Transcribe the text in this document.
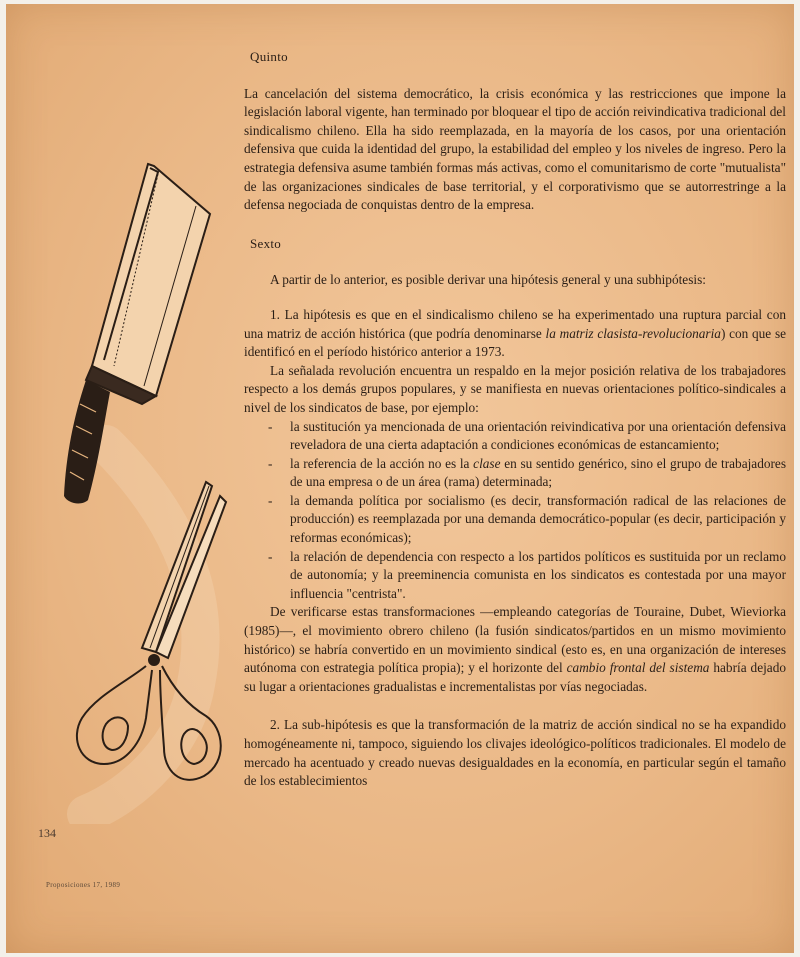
134
Proposiciones 17, 1989
Quinto

La cancelación del sistema democrático, la crisis económica y las restricciones que impone la legislación laboral vigente, han terminado por bloquear el tipo de acción reivindicativa tradicional del sindicalismo chileno. Ella ha sido reemplazada, en la mayoría de los casos, por una orientación defensiva que cuida la identidad del grupo, la estabilidad del empleo y los niveles de ingreso. Pero la estrategia defensiva asume también formas más activas, como el comunitarismo de corte "mutualista" de las organizaciones sindicales de base territorial, y el corporativismo que se autorrestringe a la defensa negociada de conquistas dentro de la empresa.

Sexto

A partir de lo anterior, es posible derivar una hipótesis general y una subhipótesis:

1. La hipótesis es que en el sindicalismo chileno se ha experimentado una ruptura parcial con una matriz de acción histórica (que podría denominarse la matriz clasista-revolucionaria) con que se identificó en el período histórico anterior a 1973.

La señalada revolución encuentra un respaldo en la mejor posición relativa de los trabajadores respecto a los demás grupos populares, y se manifiesta en nuevas orientaciones político-sindicales a nivel de los sindicatos de base, por ejemplo:

- la sustitución ya mencionada de una orientación reivindicativa por una orientación defensiva reveladora de una cierta adaptación a condiciones económicas de estancamiento;
- la referencia de la acción no es la clase en su sentido genérico, sino el grupo de trabajadores de una empresa o de un área (rama) determinada;
- la demanda política por socialismo (es decir, transformación radical de las relaciones de producción) es reemplazada por una demanda democrático-popular (es decir, participación y reformas económicas);
- la relación de dependencia con respecto a los partidos políticos es sustituida por un reclamo de autonomía; y la preeminencia comunista en los sindicatos es contestada por una mayor influencia "centrista".

De verificarse estas transformaciones —empleando categorías de Touraine, Dubet, Wieviorka (1985)—, el movimiento obrero chileno (la fusión sindicatos/partidos en un mismo movimiento histórico) se habría convertido en un movimiento sindical (esto es, en una organización de intereses autónoma con estrategia política propia); y el horizonte del cambio frontal del sistema habría dejado su lugar a orientaciones gradualistas e incrementalistas por vías negociadas.

2. La sub-hipótesis es que la transformación de la matriz de acción sindical no se ha expandido homogéneamente ni, tampoco, siguiendo los clivajes ideológico-políticos tradicionales. El modelo de mercado ha acentuado y creado nuevas desigualdades en la economía, en particular según el tamaño de los establecimientos
